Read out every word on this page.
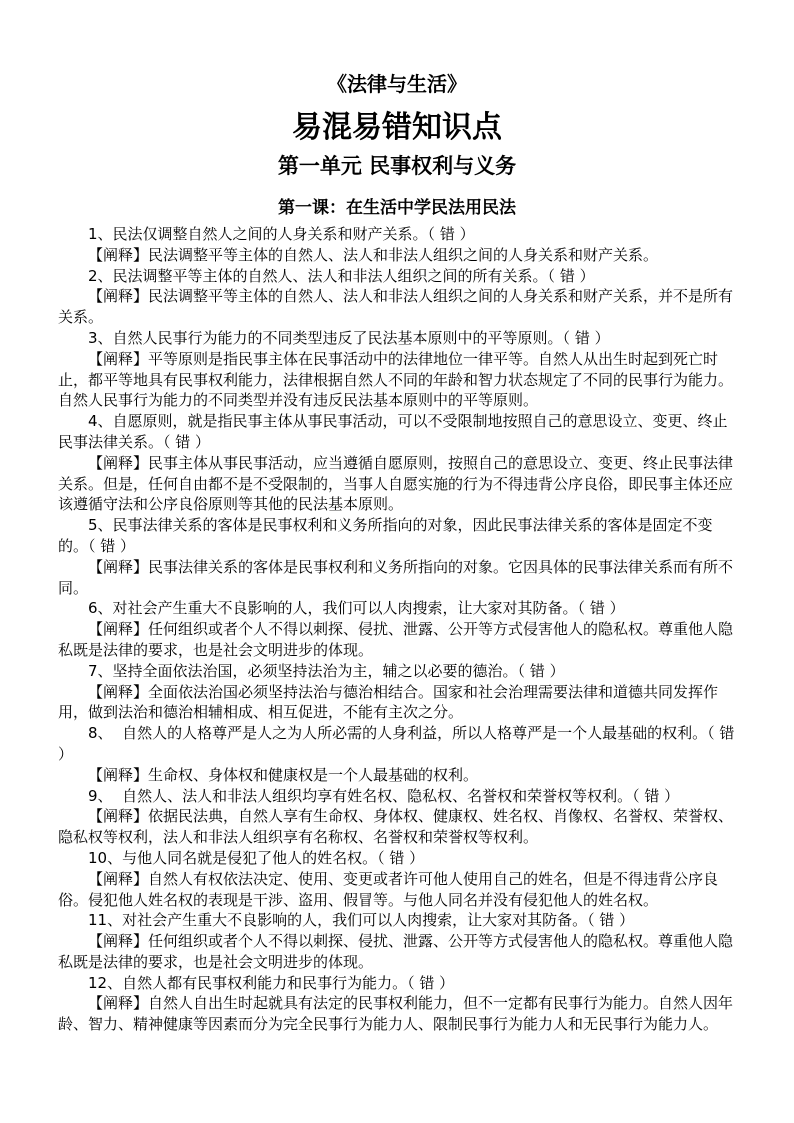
《法律与生活》
易混易错知识点
第一单元 民事权利与义务
第一课：在生活中学民法用民法

1、民法仅调整自然人之间的人身关系和财产关系。（ 错 ）

【阐释】民法调整平等主体的自然人、法人和非法人组织之间的人身关系和财产关系。

2、民法调整平等主体的自然人、法人和非法人组织之间的所有关系。（ 错 ）

【阐释】民法调整平等主体的自然人、法人和非法人组织之间的人身关系和财产关系，并不是所有关系。

3、自然人民事行为能力的不同类型违反了民法基本原则中的平等原则。（ 错 ）

【阐释】平等原则是指民事主体在民事活动中的法律地位一律平等。自然人从出生时起到死亡时止，都平等地具有民事权利能力，法律根据自然人不同的年龄和智力状态规定了不同的民事行为能力。自然人民事行为能力的不同类型并没有违反民法基本原则中的平等原则。

4、自愿原则，就是指民事主体从事民事活动，可以不受限制地按照自己的意思设立、变更、终止民事法律关系。（ 错 ）

【阐释】民事主体从事民事活动，应当遵循自愿原则，按照自己的意思设立、变更、终止民事法律关系。但是，任何自由都不是不受限制的，当事人自愿实施的行为不得违背公序良俗，即民事主体还应该遵循守法和公序良俗原则等其他的民法基本原则。

5、民事法律关系的客体是民事权利和义务所指向的对象，因此民事法律关系的客体是固定不变的。（ 错 ）

【阐释】民事法律关系的客体是民事权利和义务所指向的对象。它因具体的民事法律关系而有所不同。

6、对社会产生重大不良影响的人，我们可以人肉搜索，让大家对其防备。（ 错 ）

【阐释】任何组织或者个人不得以刺探、侵扰、泄露、公开等方式侵害他人的隐私权。尊重他人隐私既是法律的要求，也是社会文明进步的体现。

7、坚持全面依法治国，必须坚持法治为主，辅之以必要的德治。（ 错 ）

【阐释】全面依法治国必须坚持法治与德治相结合。国家和社会治理需要法律和道德共同发挥作用，做到法治和德治相辅相成、相互促进，不能有主次之分。

8、  自然人的人格尊严是人之为人所必需的人身利益，所以人格尊严是一个人最基础的权利。（ 错 ）

【阐释】生命权、身体权和健康权是一个人最基础的权利。

9、  自然人、法人和非法人组织均享有姓名权、隐私权、名誉权和荣誉权等权利。（ 错 ）

【阐释】依据民法典，自然人享有生命权、身体权、健康权、姓名权、肖像权、名誉权、荣誉权、隐私权等权利，法人和非法人组织享有名称权、名誉权和荣誉权等权利。

10、与他人同名就是侵犯了他人的姓名权。（ 错 ）

【阐释】自然人有权依法决定、使用、变更或者许可他人使用自己的姓名，但是不得违背公序良俗。侵犯他人姓名权的表现是干涉、盗用、假冒等。与他人同名并没有侵犯他人的姓名权。

11、对社会产生重大不良影响的人，我们可以人肉搜索，让大家对其防备。（ 错 ）

【阐释】任何组织或者个人不得以刺探、侵扰、泄露、公开等方式侵害他人的隐私权。尊重他人隐私既是法律的要求，也是社会文明进步的体现。

12、自然人都有民事权利能力和民事行为能力。（ 错 ）

【阐释】自然人自出生时起就具有法定的民事权利能力，但不一定都有民事行为能力。自然人因年龄、智力、精神健康等因素而分为完全民事行为能力人、限制民事行为能力人和无民事行为能力人。
